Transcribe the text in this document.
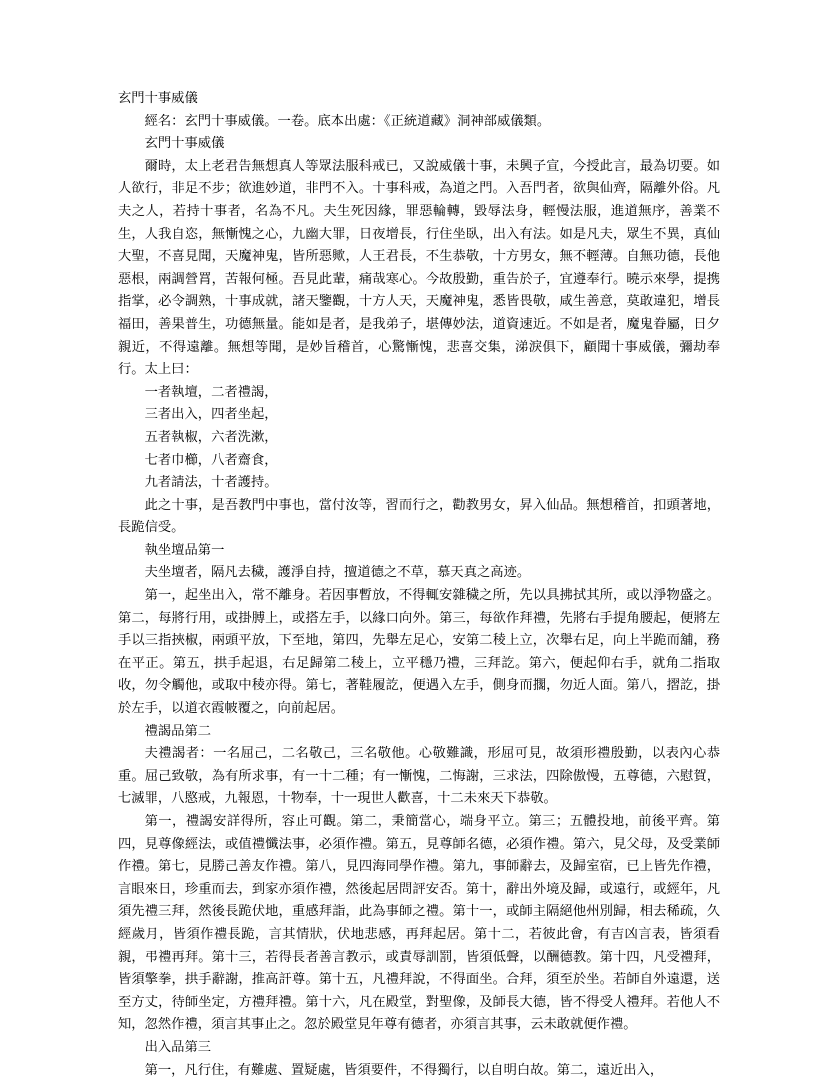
玄門十事威儀

經名：玄門十事威儀。一卷。底本出處：《正統道藏》洞神部威儀類。

玄門十事威儀

爾時，太上老君告無想真人等眾法服科戒已，又說威儀十事，未興子宣，今授此言，最為切要。如人欲行，非足不步；欲進妙道，非門不入。十事科戒，為道之門。入吾門者，欲與仙齊，隔離外俗。凡夫之人，若持十事者，名為不凡。夫生死因緣，罪惡輪轉，毀辱法身，輕慢法服，進道無序，善業不生，人我自恣，無慚愧之心，九幽大罪，日夜增長，行住坐臥，出入有法。如是凡夫，眾生不異，真仙大聖，不喜見聞，天魔神鬼，皆所惡歟，人王君長，不生恭敬，十方男女，無不輕薄。自無功德，長他惡根，兩調營罥，苦報何極。吾見此輩，痛哉寒心。今故殷勤，重告於子，宜遵奉行。曉示來學，提携指掌，必令調熟，十事成就，諸天鑒觀，十方人天，天魔神鬼，悉皆畏敬，咸生善意，莫敢違犯，增長福田，善果普生，功德無量。能如是者，是我弟子，堪傳妙法，道資速近。不如是者，魔鬼眷屬，日夕親近，不得遠離。無想等聞，是妙旨稽首，心驚慚愧，悲喜交集，涕淚俱下，顧聞十事威儀，彌劫奉行。太上曰：

一者執壇，二者禮謁，

三者出入，四者坐起，

五者執椒，六者洗漱，

七者巾櫛，八者齋食，

九者請法，十者護持。

此之十事，是吾教門中事也，當付汝等，習而行之，勸教男女，昇入仙品。無想稽首，扣頭著地，長跪信受。

執坐壇品第一

夫坐壇者，隔凡去穢，護淨自持，擅道德之不草，慕天真之高迹。

第一，起坐出入，常不離身。若因事暫放，不得輒安雜穢之所，先以具拂拭其所，或以淨物盛之。第二，每將行用，或掛膊上，或搭左手，以緣口向外。第三，每欲作拜禮，先將右手提角腰起，便將左手以三指挾椒，兩頭平放，下至地，第四，先舉左足心，安第二稜上立，次舉右足，向上半跪而舖，務在平正。第五，拱手起退，右足歸第二稜上，立平穩乃禮，三拜訖。第六，便起仰右手，就角二指取收，勿令觸他，或取中稜亦得。第七，著鞋履訖，便遇入左手，側身而擱，勿近人面。第八，摺訖，掛於左手，以道衣霞帔覆之，向前起居。

禮謁品第二

夫禮謁者：一名屈己，二名敬己，三名敬他。心敬難識，形屈可見，故須形禮殷勤，以表內心恭重。屈己致敬，為有所求事，有一十二種；有一慚愧，二悔謝，三求法，四除傲慢，五尊德，六慰賀，七滅罪，八愍戒，九報恩，十物奉，十一現世人歡喜，十二未來天下恭敬。

第一，禮謁安詳得所，容止可觀。第二，秉簡當心，端身平立。第三；五體投地，前後平齊。第四，見尊像經法，或值禮懺法事，必須作禮。第五，見尊師名德，必須作禮。第六，見父母，及受業師作禮。第七，見勝己善友作禮。第八，見四海同學作禮。第九，事師辭去，及歸室宿，已上皆先作禮，言眼來日，珍重而去，到家亦須作禮，然後起居問評安否。第十，辭出外境及歸，或遠行，或經年，凡須先禮三拜，然後長跪伏地，重感拜詣，此為事師之禮。第十一，或師主隔絕他州別歸，相去稀疏，久經歲月，皆須作禮長跪，言其情狀，伏地悲感，再拜起居。第十二，若彼此會，有吉凶言表，皆須看親，弔禮再拜。第十三，若得長者善言教示，或責辱訓罰，皆須低聲，以酬德教。第十四，凡受禮拜，皆須擎拳，拱手辭謝，推高訐尊。第十五，凡禮拜說，不得面坐。合拜，須至於坐。若師自外遠還，送至方丈，待師坐定，方禮拜禮。第十六，凡在殿堂，對聖像，及師長大德，皆不得受人禮拜。若他人不知，忽然作禮，須言其事止之。忽於殿堂見年尊有德者，亦須言其事，云未敢就便作禮。

出入品第三

第一，凡行住，有難處、置疑處，皆須要件，不得獨行，以自明白故。第二，遠近出入，
